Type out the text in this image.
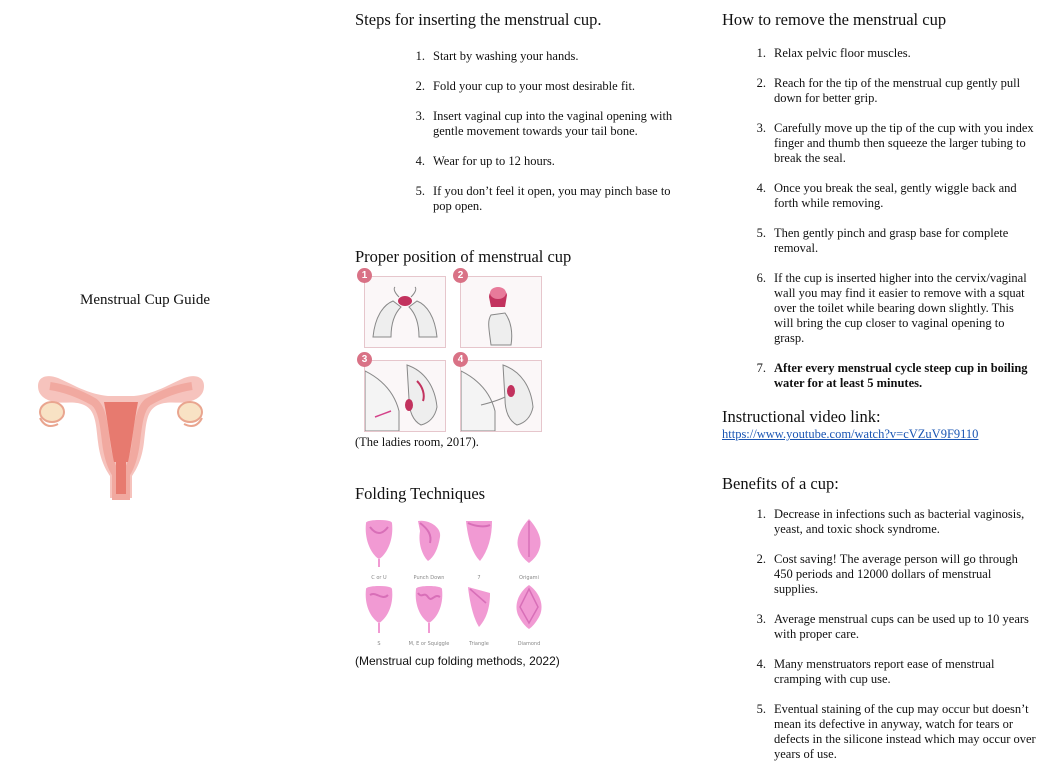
Menstrual Cup Guide
Steps for inserting the menstrual cup.
1 . Start by washing your hands.
2 . Fold your cup to your most desirable fit.
3 . Insert vaginal cup into the vaginal opening with gentle movement towards your tail bone.
4 . Wear for up to 12 hours.
5 . If you don’t feel it open, you may pinch base to pop open.
Proper position of menstrual cup
1	2
3	4
(The ladies room, 2017).
Folding Techniques
C or U	Punch Down	7	Origami
S	M, E or Squiggle	Triangle	Diamond
(Menstrual cup folding methods, 2022)
How to remove the menstrual cup
1 . Relax pelvic floor muscles.
2 . Reach for the tip of the menstrual cup gently pull down for better grip.
3 . Carefully move up the tip of the cup with you index finger and thumb then squeeze the larger tubing to break the seal.
4 . Once you break the seal, gently wiggle back and forth while removing.
5 . Then gently pinch and grasp base for complete removal.
6 . If the cup is inserted higher into the cervix/vaginal wall you may find it easier to remove with a squat over the toilet while bearing down slightly. This will bring the cup closer to vaginal opening to grasp.
7 . After every menstrual cycle steep cup in boiling water for at least 5 minutes.
Instructional video link:
https://www.youtube.com/watch?v=cVZuV9F9110
Benefits of a cup:
1 . Decrease in infections such as bacterial vaginosis, yeast, and toxic shock syndrome.
2 . Cost saving! The average person will go through 450 periods and 12000 dollars of menstrual supplies.
3 . Average menstrual cups can be used up to 10 years with proper care.
4 . Many menstruators report ease of menstrual cramping with cup use.
5 . Eventual staining of the cup may occur but doesn’t mean its defective in anyway, watch for tears or defects in the silicone instead which may occur over years of use.
